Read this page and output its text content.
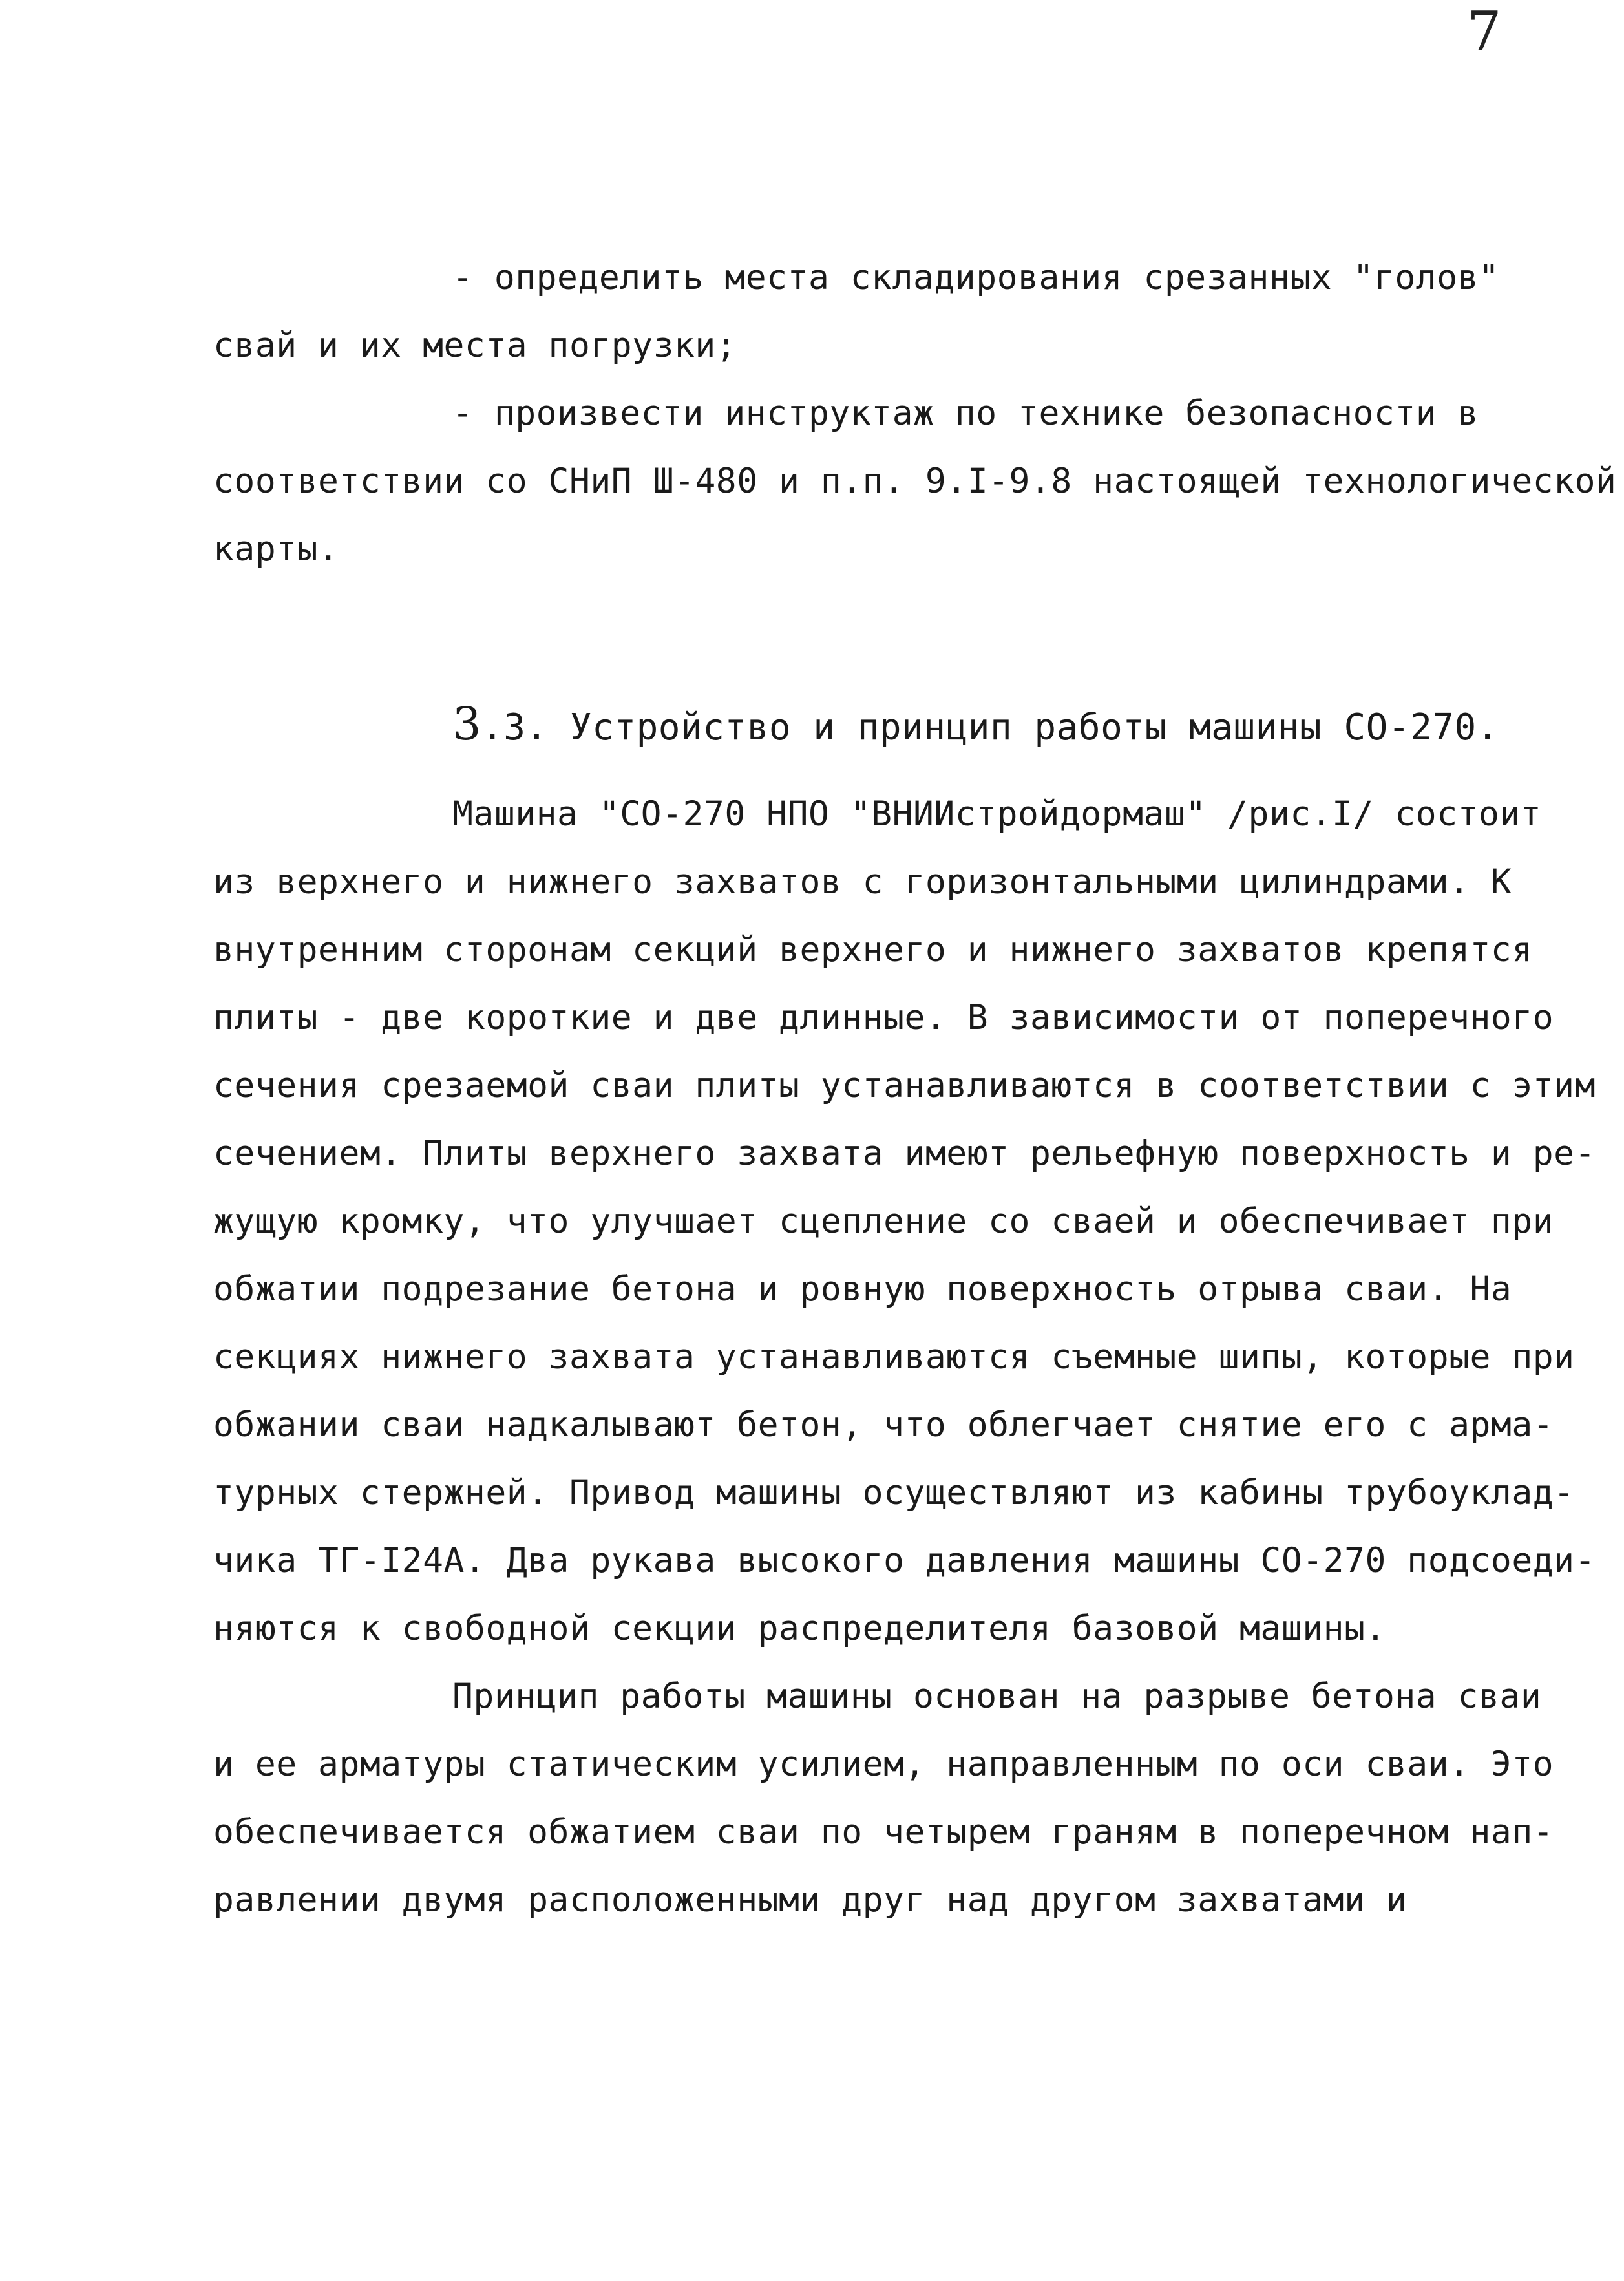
7
- определить места складирования срезанных "голов"
свай и их места погрузки;
- произвести инструктаж по технике безопасности в
соответствии со СНиП Ш-480 и п.п. 9.I-9.8 настоящей технологической
карты.
3.3. Устройство и принцип работы машины СО-270.
Машина "СО-270 НПО "ВНИИстройдормаш" /рис.I/ состоит
из верхнего и нижнего захватов с горизонтальными цилиндрами. К
внутренним сторонам секций верхнего и нижнего захватов крепятся
плиты - две короткие и две длинные. В зависимости от поперечного
сечения срезаемой сваи плиты устанавливаются в соответствии с этим
сечением. Плиты верхнего захвата имеют рельефную поверхность и ре-
жущую кромку, что улучшает сцепление со сваей и обеспечивает при
обжатии подрезание бетона и ровную поверхность отрыва сваи. На
секциях нижнего захвата устанавливаются съемные шипы, которые при
обжании сваи надкалывают бетон, что облегчает снятие его с арма-
турных стержней. Привод машины осуществляют из кабины трубоуклад-
чика ТГ-I24А. Два рукава высокого давления машины СО-270 подсоеди-
няются к свободной секции распределителя базовой машины.
Принцип работы машины основан на разрыве бетона сваи
и ее арматуры статическим усилием, направленным по оси сваи. Это
обеспечивается обжатием сваи по четырем граням в поперечном нап-
равлении двумя расположенными друг над другом захватами и
